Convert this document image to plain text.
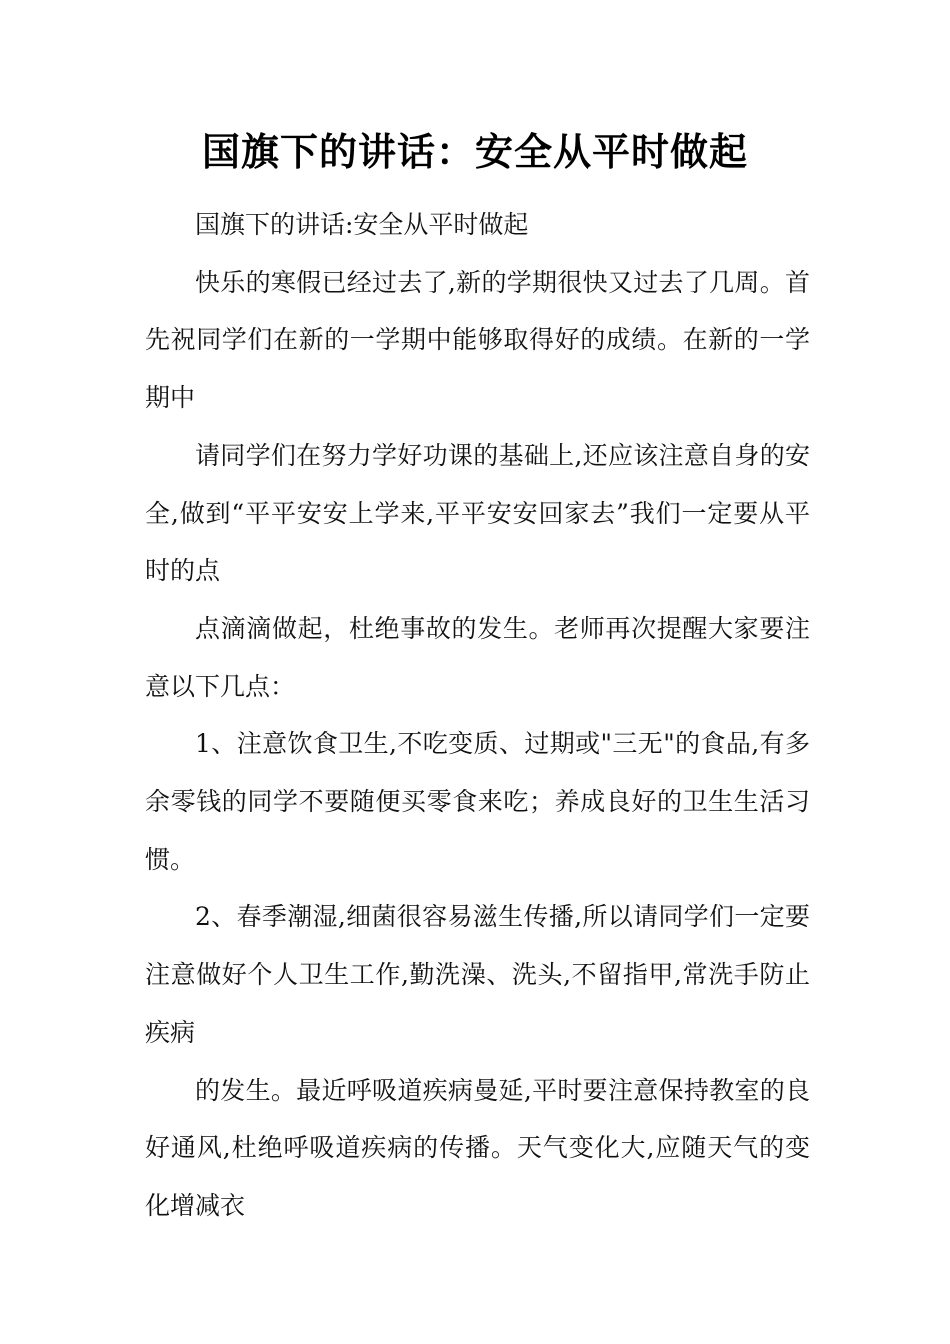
国旗下的讲话：安全从平时做起

国旗下的讲话:安全从平时做起

快乐的寒假已经过去了,新的学期很快又过去了几周。首先祝同学们在新的一学期中能够取得好的成绩。在新的一学期中

请同学们在努力学好功课的基础上,还应该注意自身的安全,做到“平平安安上学来,平平安安回家去”我们一定要从平时的点

点滴滴做起，杜绝事故的发生。老师再次提醒大家要注意以下几点：

1、注意饮食卫生,不吃变质、过期或"三无"的食品,有多余零钱的同学不要随便买零食来吃；养成良好的卫生生活习惯。

2、春季潮湿,细菌很容易滋生传播,所以请同学们一定要注意做好个人卫生工作,勤洗澡、洗头,不留指甲,常洗手防止疾病

的发生。最近呼吸道疾病曼延,平时要注意保持教室的良好通风,杜绝呼吸道疾病的传播。天气变化大,应随天气的变化增减衣
